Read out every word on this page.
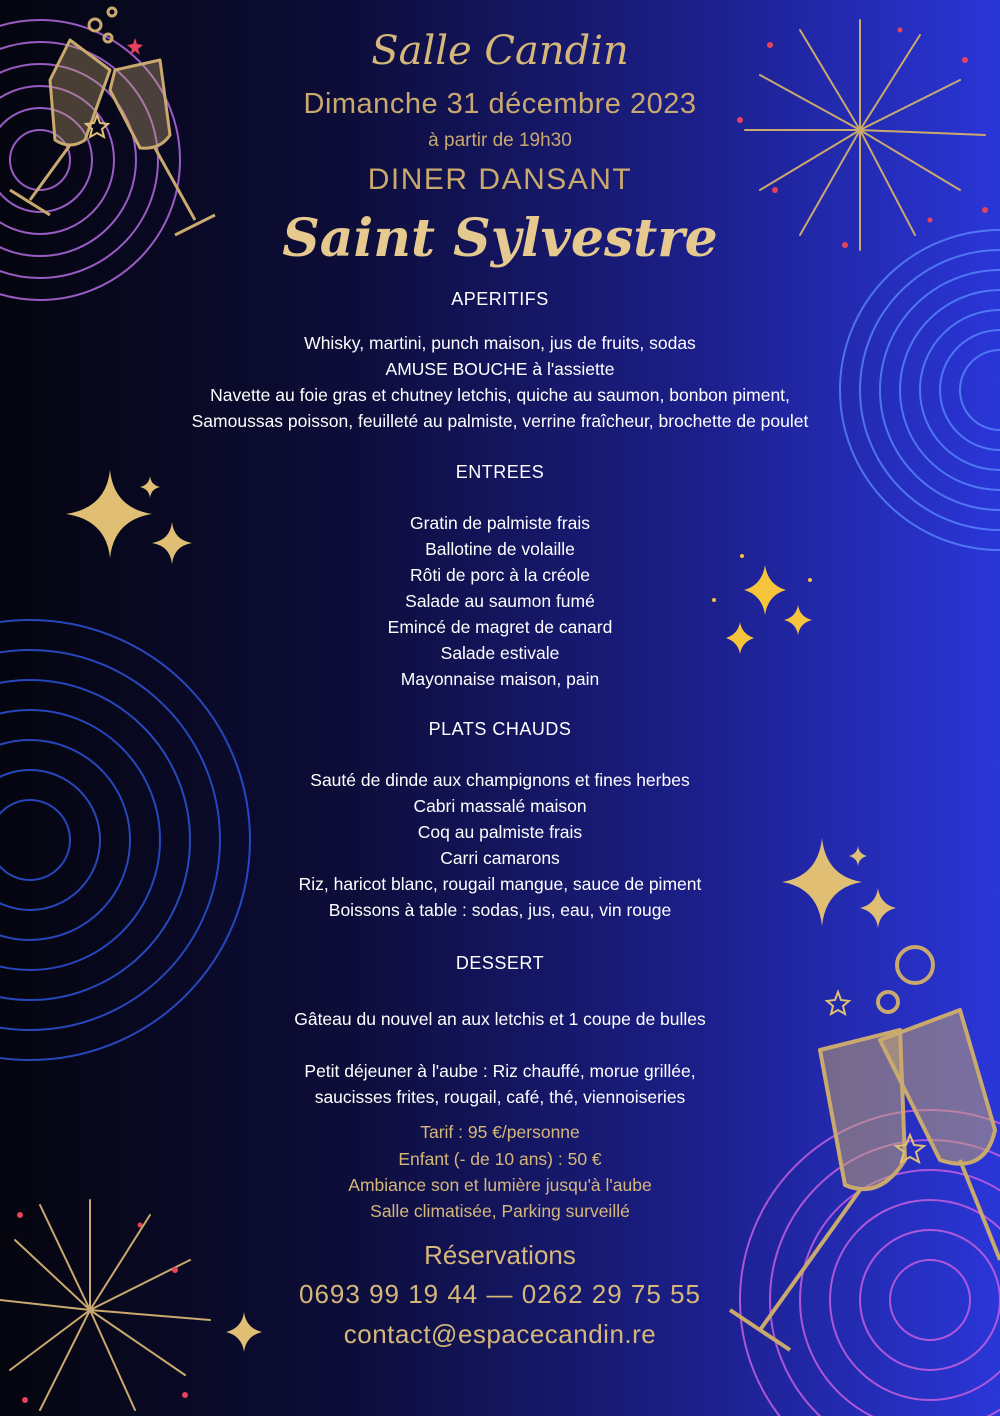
Salle Candin
Dimanche 31 décembre 2023
à partir de 19h30
DINER DANSANT
Saint Sylvestre
APERITIFS
Whisky, martini, punch maison, jus de fruits, sodas
AMUSE BOUCHE à l'assiette
Navette au foie gras et chutney letchis, quiche au saumon, bonbon piment,
Samoussas poisson, feuilleté au palmiste, verrine fraîcheur, brochette de poulet
ENTREES
Gratin de palmiste frais
Ballotine de volaille
Rôti de porc à la créole
Salade au saumon fumé
Emincé de magret de canard
Salade estivale
Mayonnaise maison, pain
PLATS CHAUDS
Sauté de dinde aux champignons et fines herbes
Cabri massalé maison
Coq au palmiste frais
Carri camarons
Riz, haricot blanc, rougail mangue, sauce de piment
Boissons à table : sodas, jus, eau, vin rouge
DESSERT
Gâteau du nouvel an aux letchis et 1 coupe de bulles
Petit déjeuner à l'aube : Riz chauffé, morue grillée,
saucisses frites, rougail, café, thé, viennoiseries
Tarif : 95 €/personne
Enfant (- de 10 ans) : 50 €
Ambiance son et lumière jusqu'à l'aube
Salle climatisée, Parking surveillé
Réservations
0693 99 19 44 — 0262 29 75 55
contact@espacecandin.re
